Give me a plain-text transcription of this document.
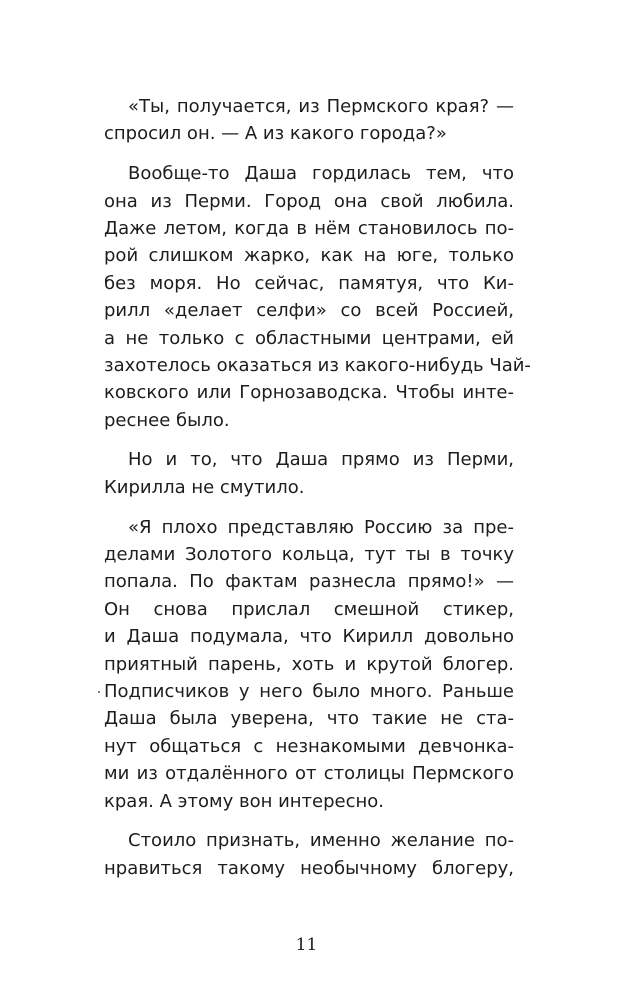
«Ты, получается, из Пермского края? —
спросил он. — А из какого города?»
Вообще-то Даша гордилась тем, что
она из Перми. Город она свой любила.
Даже летом, когда в нём становилось по-
рой слишком жарко, как на юге, только
без моря. Но сейчас, памятуя, что Ки-
рилл «делает селфи» со всей Россией,
а не только с областными центрами, ей
захотелось оказаться из какого-нибудь Чай-
ковского или Горнозаводска. Чтобы инте-
реснее было.
Но и то, что Даша прямо из Перми,
Кирилла не смутило.
«Я плохо представляю Россию за пре-
делами Золотого кольца, тут ты в точку
попала. По фактам разнесла прямо!» —
Он снова прислал смешной стикер,
и Даша подумала, что Кирилл довольно
приятный парень, хоть и крутой блогер.
Подписчиков у него было много. Раньше
Даша была уверена, что такие не ста-
нут общаться с незнакомыми девчонка-
ми из отдалённого от столицы Пермского
края. А этому вон интересно.
Стоило признать, именно желание по-
нравиться такому необычному блогеру,
11
